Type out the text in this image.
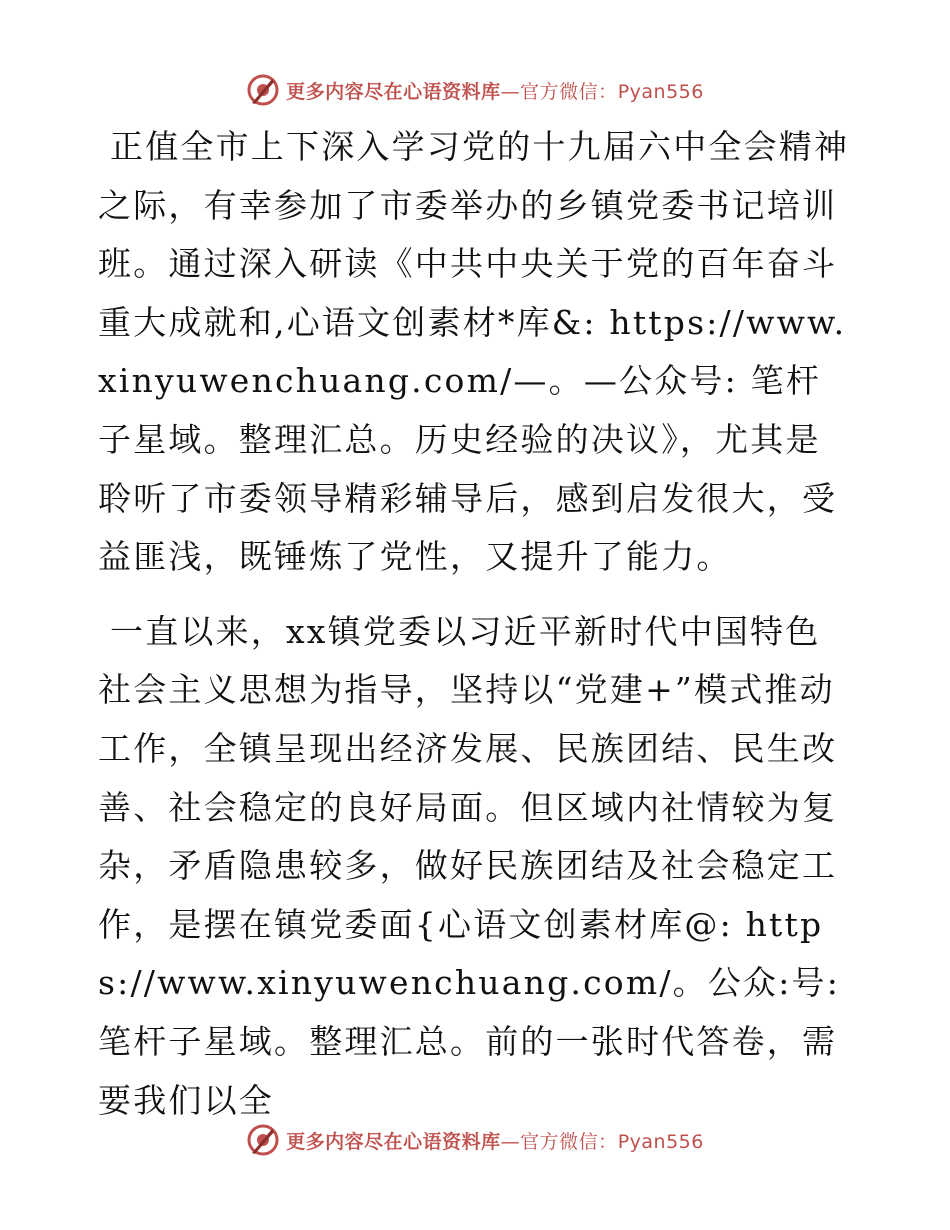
更多内容尽在心语资料库—官方微信：Pyan556

正值全市上下深入学习党的十九届六中全会精神之际，有幸参加了市委举办的乡镇党委书记培训班。通过深入研读《中共中央关于党的百年奋斗重大成就和,心语文创素材*库&: https://www.xinyuwenchuang.com/—。—公众号: 笔杆子星域。整理汇总。历史经验的决议》，尤其是聆听了市委领导精彩辅导后，感到启发很大，受益匪浅，既锤炼了党性，又提升了能力。

一直以来，xx镇党委以习近平新时代中国特色社会主义思想为指导，坚持以“党建+”模式推动工作，全镇呈现出经济发展、民族团结、民生改善、社会稳定的良好局面。但区域内社情较为复杂，矛盾隐患较多，做好民族团结及社会稳定工作，是摆在镇党委面{心语文创素材库@: https://www.xinyuwenchuang.com/。公众:号: 笔杆子星域。整理汇总。前的一张时代答卷，需要我们以全

更多内容尽在心语资料库—官方微信：Pyan556
